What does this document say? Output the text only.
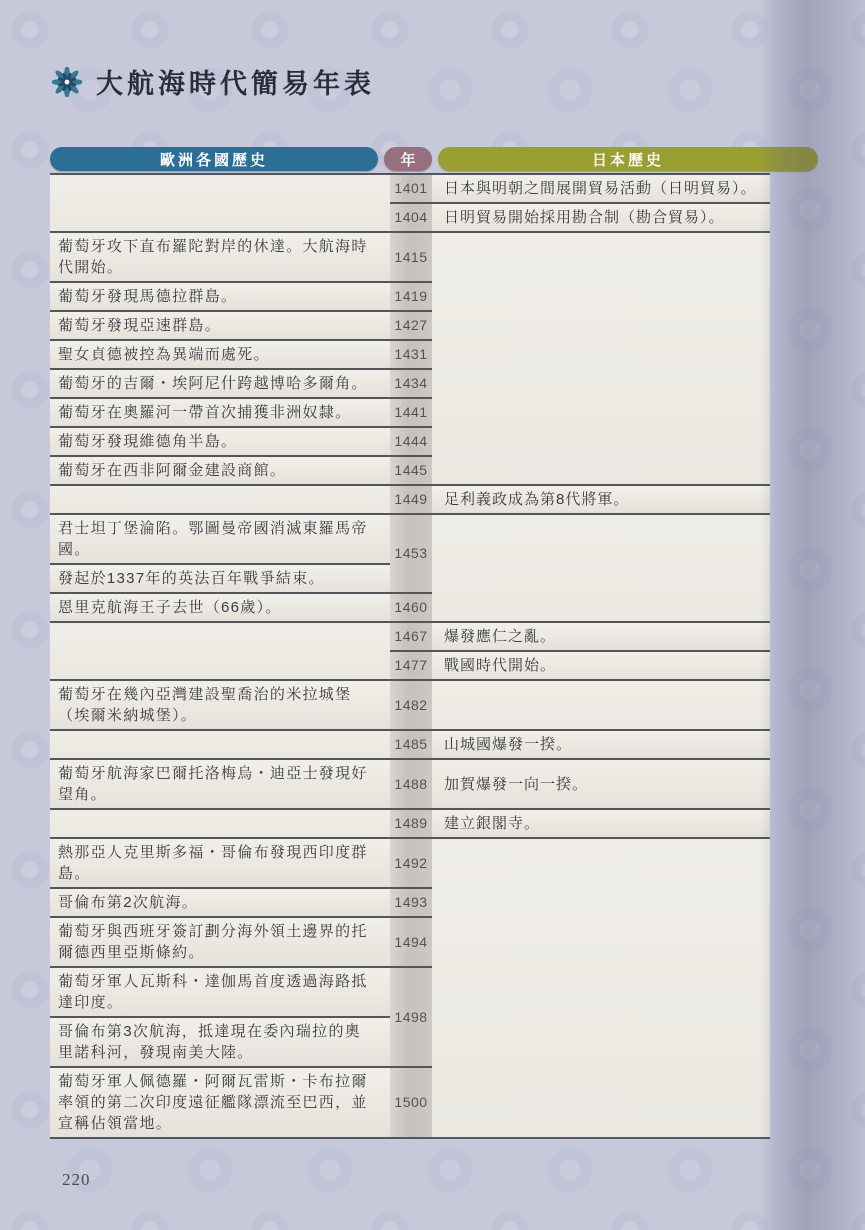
大航海時代簡易年表
歐洲各國歷史	年	日本歷史
1401
1404
1415
1419
1427
1431
1434
1441
1444
1445
1449
1453
1460
1467
1477
1482
1485
1488
1489
1492
1493
1494
1498
1500
葡萄牙攻下直布羅陀對岸的休達。大航海時代開始。
葡萄牙發現馬德拉群島。
葡萄牙發現亞速群島。
聖女貞德被控為異端而處死。
葡萄牙的吉爾・埃阿尼什跨越博哈多爾角。
葡萄牙在奧羅河一帶首次捕獲非洲奴隸。
葡萄牙發現維德角半島。
葡萄牙在西非阿爾金建設商館。
君士坦丁堡淪陷。鄂圖曼帝國消滅東羅馬帝國。
發起於1337年的英法百年戰爭結束。
恩里克航海王子去世（66歲）。
葡萄牙在幾內亞灣建設聖喬治的米拉城堡（埃爾米納城堡）。
葡萄牙航海家巴爾托洛梅烏・迪亞士發現好望角。
熱那亞人克里斯多福・哥倫布發現西印度群島。
哥倫布第2次航海。
葡萄牙與西班牙簽訂劃分海外領土邊界的托爾德西里亞斯條約。
葡萄牙軍人瓦斯科・達伽馬首度透過海路抵達印度。
哥倫布第3次航海，抵達現在委內瑞拉的奧里諾科河，發現南美大陸。
葡萄牙軍人佩德羅・阿爾瓦雷斯・卡布拉爾率領的第二次印度遠征艦隊漂流至巴西，並宣稱佔領當地。
日本與明朝之間展開貿易活動（日明貿易）。
日明貿易開始採用勘合制（勘合貿易）。
足利義政成為第8代將軍。
爆發應仁之亂。
戰國時代開始。
山城國爆發一揆。
加賀爆發一向一揆。
建立銀閣寺。
220
